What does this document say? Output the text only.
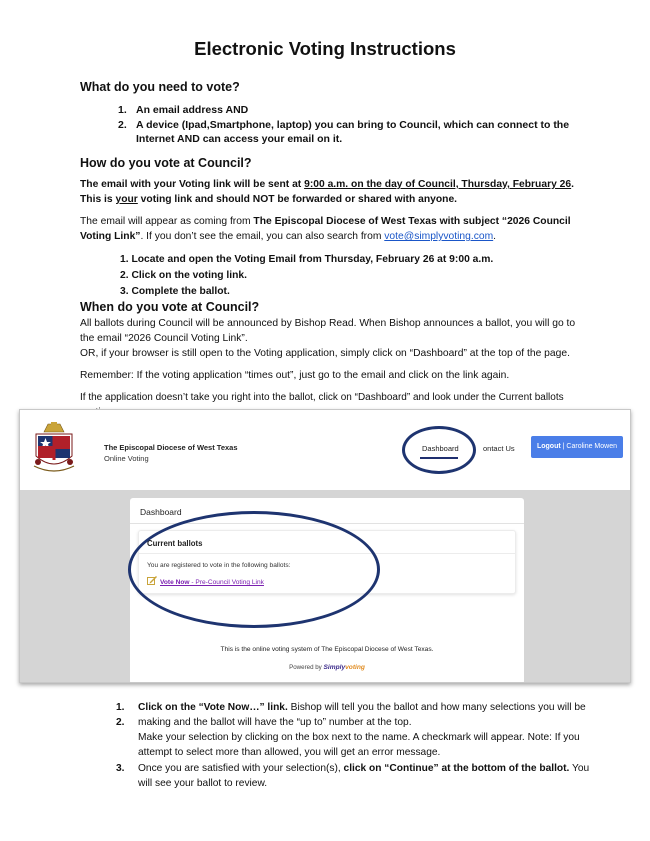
Electronic Voting Instructions
What do you need to vote?
1. An email address AND
2. A device (Ipad,Smartphone, laptop) you can bring to Council, which can connect to the Internet AND can access your email on it.
How do you vote at Council?
The email with your Voting link will be sent at 9:00 a.m. on the day of Council, Thursday, February 26. This is your voting link and should NOT be forwarded or shared with anyone.
The email will appear as coming from The Episcopal Diocese of West Texas with subject “2026 Council Voting Link”. If you don’t see the email, you can also search from vote@simplyvoting.com.
1. Locate and open the Voting Email from Thursday, February 26 at 9:00 a.m.
2. Click on the voting link.
3. Complete the ballot.
When do you vote at Council?
All ballots during Council will be announced by Bishop Read. When Bishop announces a ballot, you will go to the email “2026 Council Voting Link”.
OR, if your browser is still open to the Voting application, simply click on “Dashboard” at the top of the page.
Remember: If the voting application “times out”, just go to the email and click on the link again.
If the application doesn’t take you right into the ballot, click on “Dashboard” and look under the Current ballots
The Episcopal Diocese of West Texas
Online Voting
Dashboard	ontact Us	Logout | Caroline Mowen
Dashboard
Current ballots
You are registered to vote in the following ballots:
Vote Now - Pre-Council Voting Link
This is the online voting system of The Episcopal Diocese of West Texas.
Powered by Simplyvoting
1. Click on the “Vote Now…” link. Bishop will tell you the ballot and how many selections you will be
2. making and the ballot will have the “up to” number at the top.
Make your selection by clicking on the box next to the name. A checkmark will appear. Note: If you attempt to select more than allowed, you will get an error message.
3. Once you are satisfied with your selection(s), click on “Continue” at the bottom of the ballot. You will see your ballot to review.
